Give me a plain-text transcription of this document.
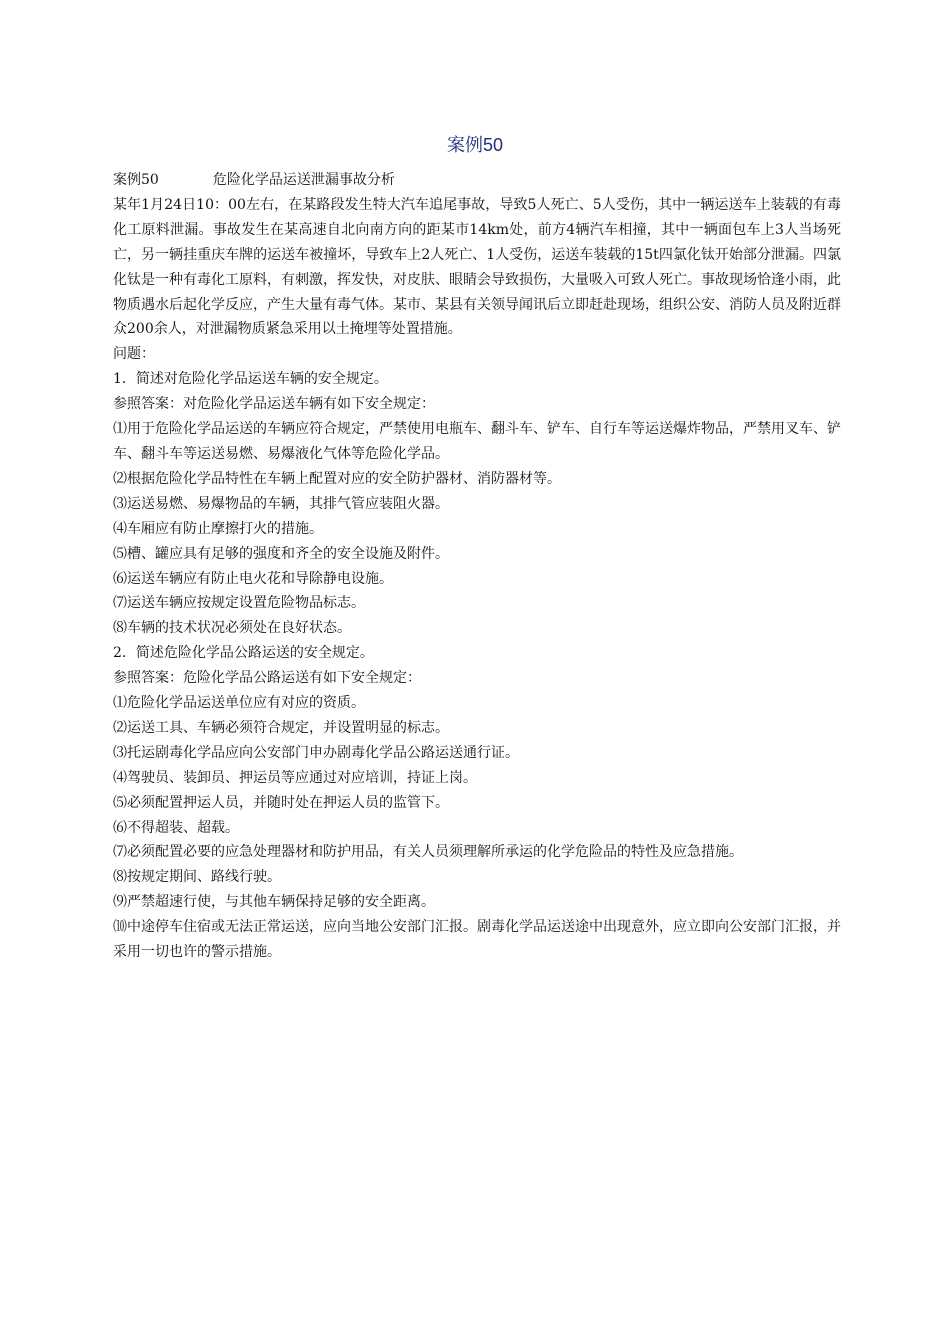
案例50

案例50	危险化学品运送泄漏事故分析

某年1月24日10：00左右，在某路段发生特大汽车追尾事故，导致5人死亡、5人受伤，其中一辆运送车上装载的有毒化工原料泄漏。事故发生在某高速自北向南方向的距某市14km处，前方4辆汽车相撞，其中一辆面包车上3人当场死亡，另一辆挂重庆车牌的运送车被撞坏，导致车上2人死亡、1人受伤，运送车装载的15t四氯化钛开始部分泄漏。四氯化钛是一种有毒化工原料，有刺激，挥发快，对皮肤、眼睛会导致损伤，大量吸入可致人死亡。事故现场恰逢小雨，此物质遇水后起化学反应，产生大量有毒气体。某市、某县有关领导闻讯后立即赶赴现场，组织公安、消防人员及附近群众200余人，对泄漏物质紧急采用以土掩埋等处置措施。

问题：

1．简述对危险化学品运送车辆的安全规定。

参照答案：对危险化学品运送车辆有如下安全规定：

⑴用于危险化学品运送的车辆应符合规定，严禁使用电瓶车、翻斗车、铲车、自行车等运送爆炸物品，严禁用叉车、铲车、翻斗车等运送易燃、易爆液化气体等危险化学品。

⑵根据危险化学品特性在车辆上配置对应的安全防护器材、消防器材等。

⑶运送易燃、易爆物品的车辆，其排气管应装阻火器。

⑷车厢应有防止摩擦打火的措施。

⑸槽、罐应具有足够的强度和齐全的安全设施及附件。

⑹运送车辆应有防止电火花和导除静电设施。

⑺运送车辆应按规定设置危险物品标志。

⑻车辆的技术状况必须处在良好状态。

2．简述危险化学品公路运送的安全规定。

参照答案：危险化学品公路运送有如下安全规定：

⑴危险化学品运送单位应有对应的资质。

⑵运送工具、车辆必须符合规定，并设置明显的标志。

⑶托运剧毒化学品应向公安部门申办剧毒化学品公路运送通行证。

⑷驾驶员、装卸员、押运员等应通过对应培训，持证上岗。

⑸必须配置押运人员，并随时处在押运人员的监管下。

⑹不得超装、超载。

⑺必须配置必要的应急处理器材和防护用品，有关人员须理解所承运的化学危险品的特性及应急措施。

⑻按规定期间、路线行驶。

⑼严禁超速行使，与其他车辆保持足够的安全距离。

⑽中途停车住宿或无法正常运送，应向当地公安部门汇报。剧毒化学品运送途中出现意外，应立即向公安部门汇报，并采用一切也许的警示措施。
